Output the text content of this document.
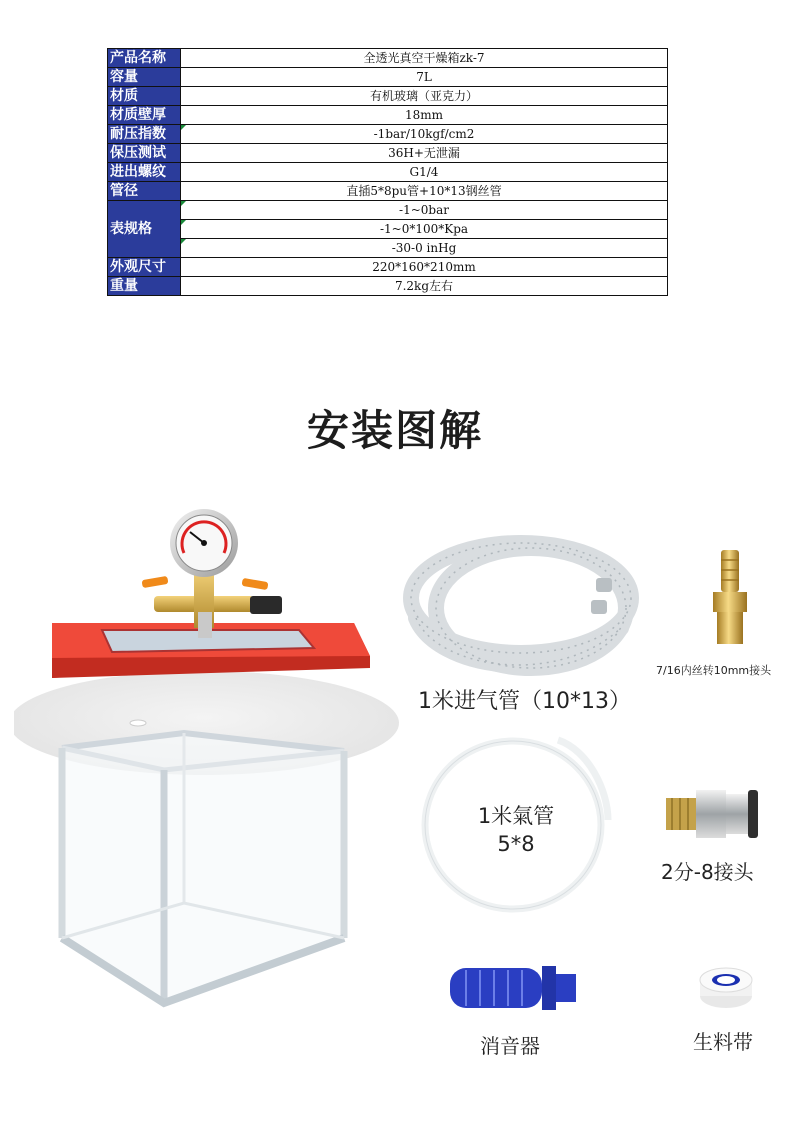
产品名称	全透光真空干燥箱zk-7
容量	7L
材质	有机玻璃（亚克力）
材质壁厚	18mm
耐压指数	-1bar/10kgf/cm2
保压测试	36H+无泄漏
进出螺纹	G1/4
管径	直插5*8pu管+10*13钢丝管
表规格	-1~0bar
	-1~0*100*Kpa
	-30-0 inHg
外观尺寸	220*160*210mm
重量	7.2kg左右
安装图解
1米进气管（10*13）
7/16内丝转10mm接头
1米氣管
5*8
2分-8接头
消音器	生料带
